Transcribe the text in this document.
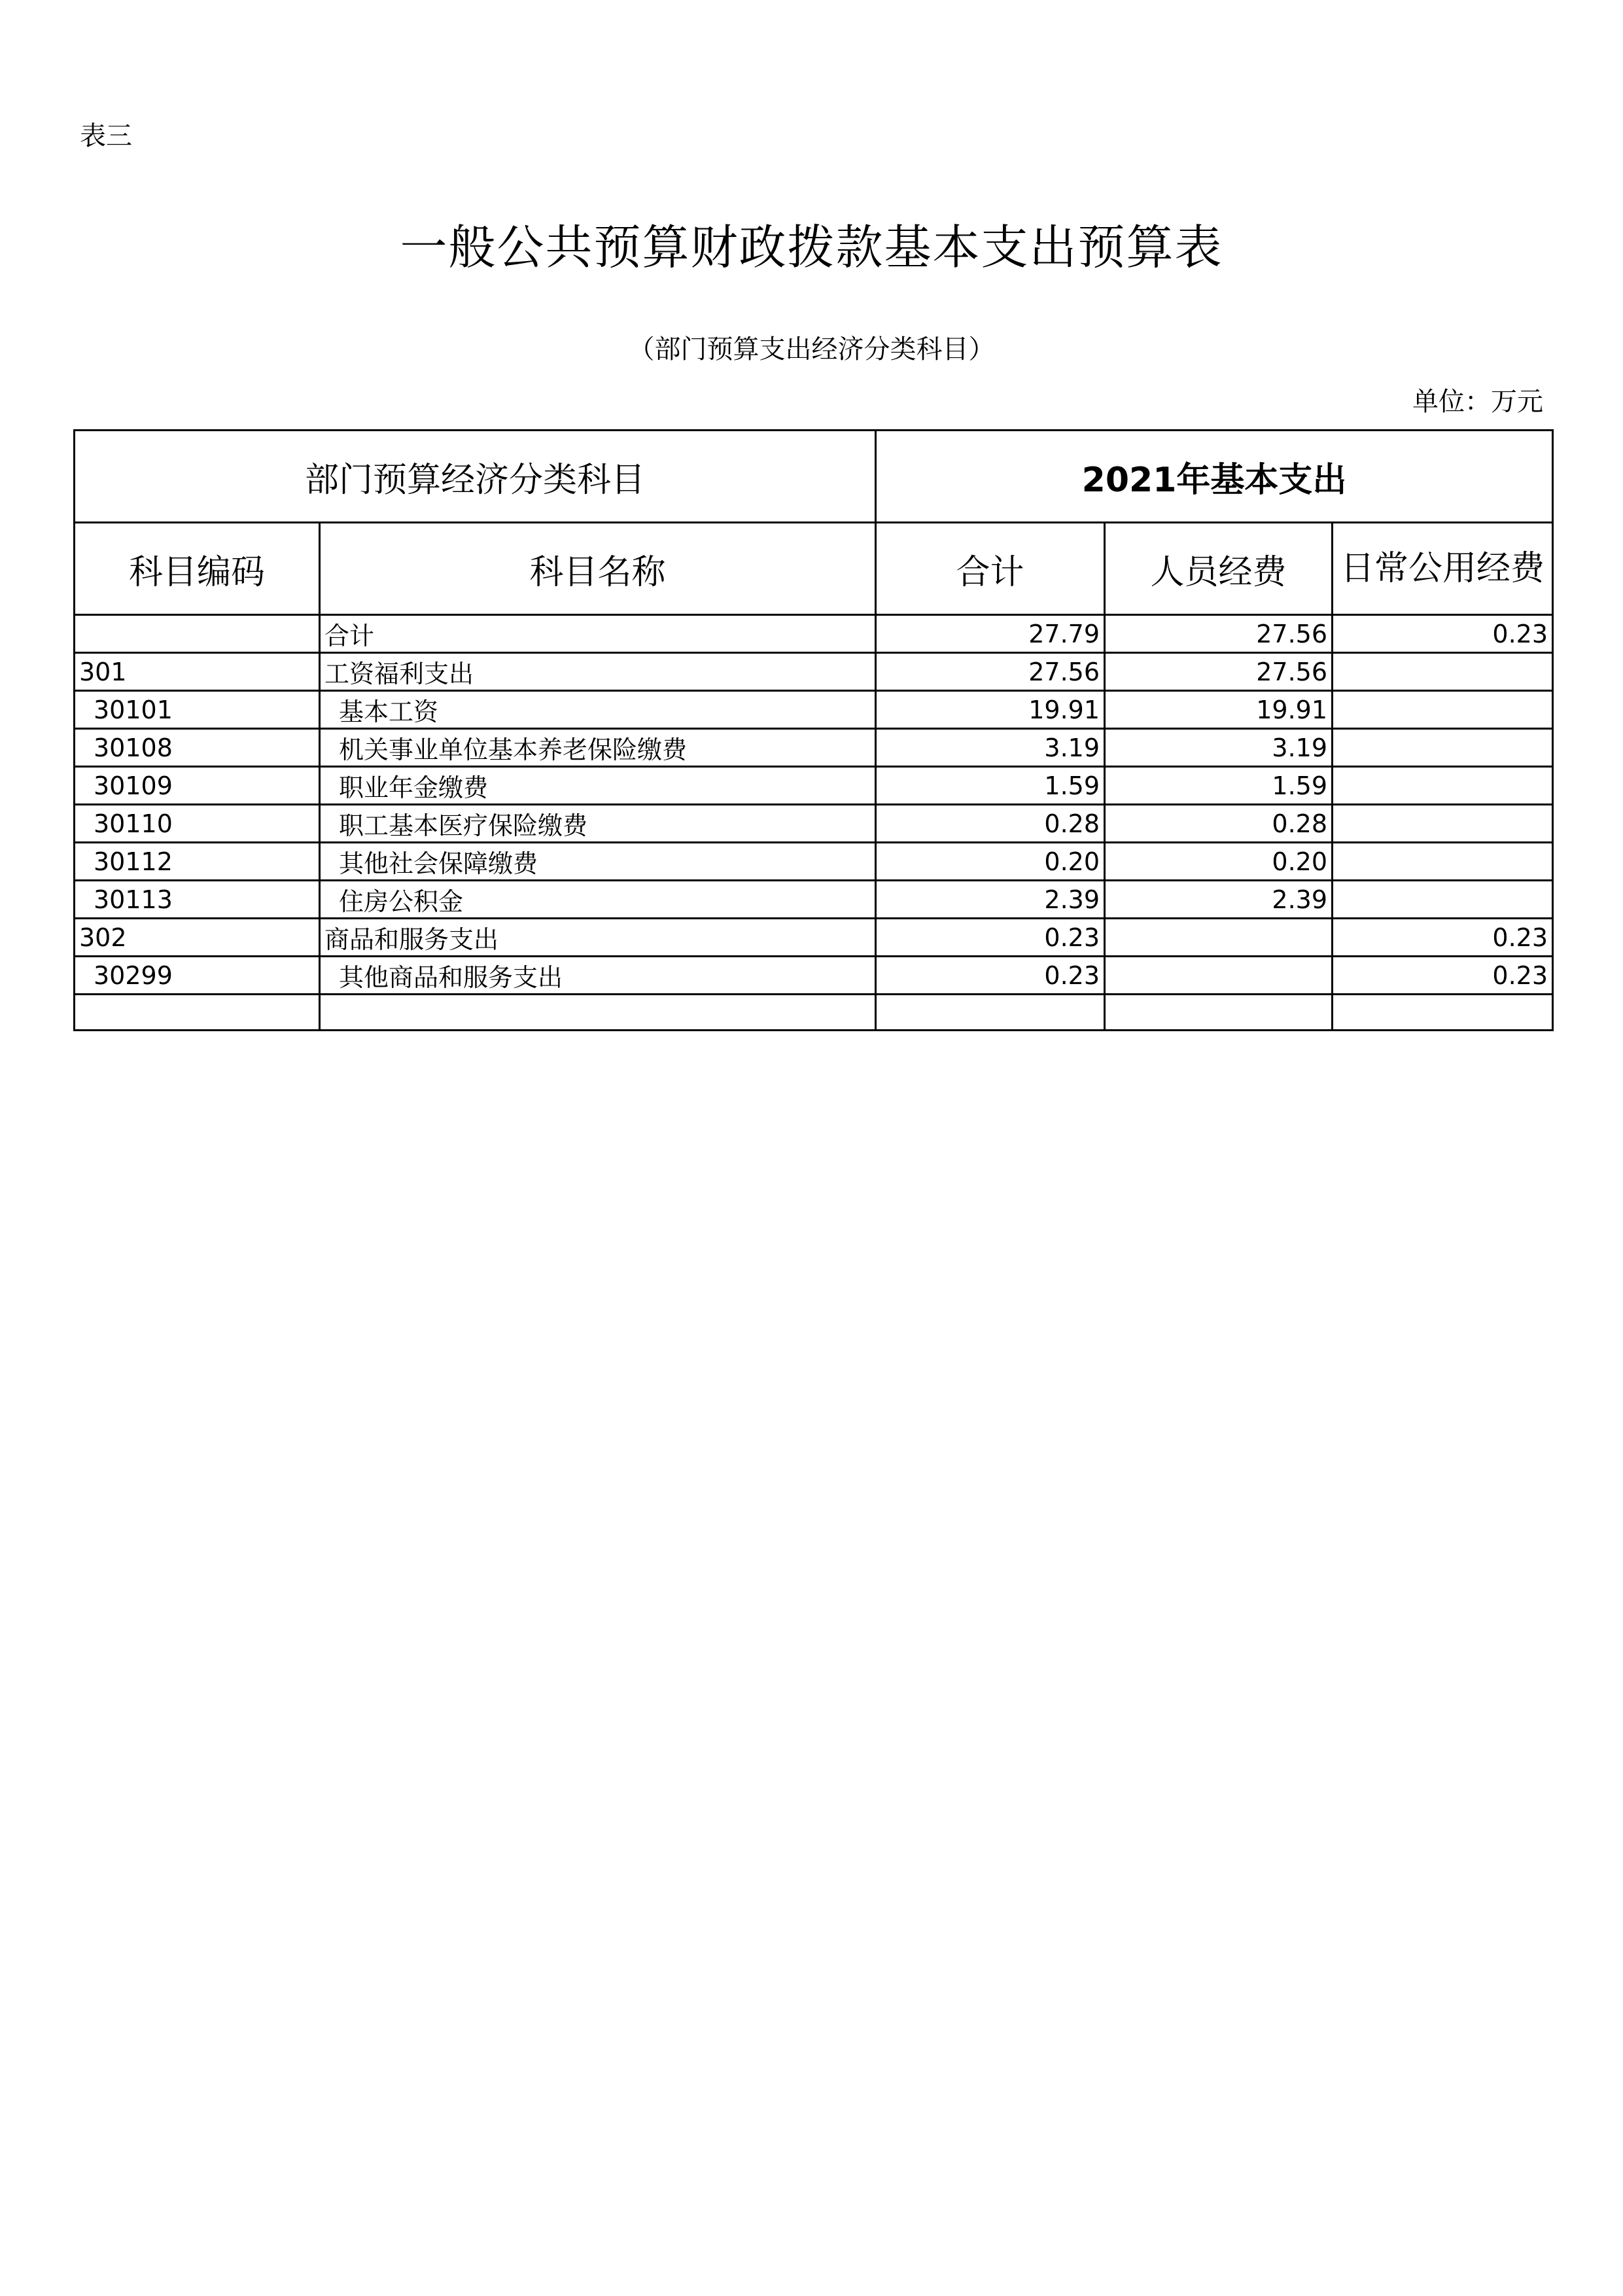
表三
一般公共预算财政拨款基本支出预算表
（部门预算支出经济分类科目）
单位：万元
部门预算经济分类科目		2021年基本支出		
科目编码	科目名称	合计	人员经费	日常公用经费
	合计	27.79	27.56	0.23
301	工资福利支出	27.56	27.56	
30101	基本工资	19.91	19.91	
30108	机关事业单位基本养老保险缴费	3.19	3.19	
30109	职业年金缴费	1.59	1.59	
30110	职工基本医疗保险缴费	0.28	0.28	
30112	其他社会保障缴费	0.20	0.20	
30113	住房公积金	2.39	2.39	
302	商品和服务支出	0.23		0.23
30299	其他商品和服务支出	0.23		0.23
